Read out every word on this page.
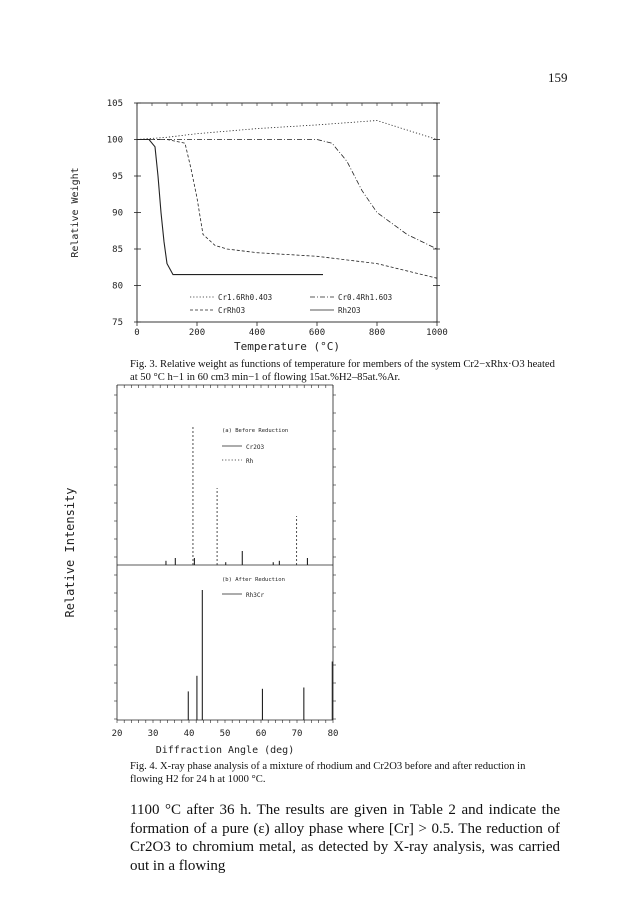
159
105
100
95
90
85
80
75
0	200	400	600	800	1000
Relative Weight
Temperature (°C)
Cr1.6Rh0.4O3	Cr0.4Rh1.6O3
CrRhO3	Rh2O3
20	30	40	50	60	70	80
Diffraction Angle (deg)
Relative Intensity
(a) Before Reduction
Cr2O3
Rh
(b) After Reduction
Rh3Cr
Fig. 3. Relative weight as functions of temperature for members of the system Cr2−xRhx·O3 heated at 50 °C h−1 in 60 cm3 min−1 of flowing 15at.%H2–85at.%Ar.
Fig. 4. X-ray phase analysis of a mixture of rhodium and Cr2O3 before and after reduction in flowing H2 for 24 h at 1000 °C.
1100 °C after 36 h. The results are given in Table 2 and indicate the formation of a pure (ε) alloy phase where [Cr] > 0.5. The reduction of Cr2O3 to chromium metal, as detected by X-ray analysis, was carried out in a flowing
